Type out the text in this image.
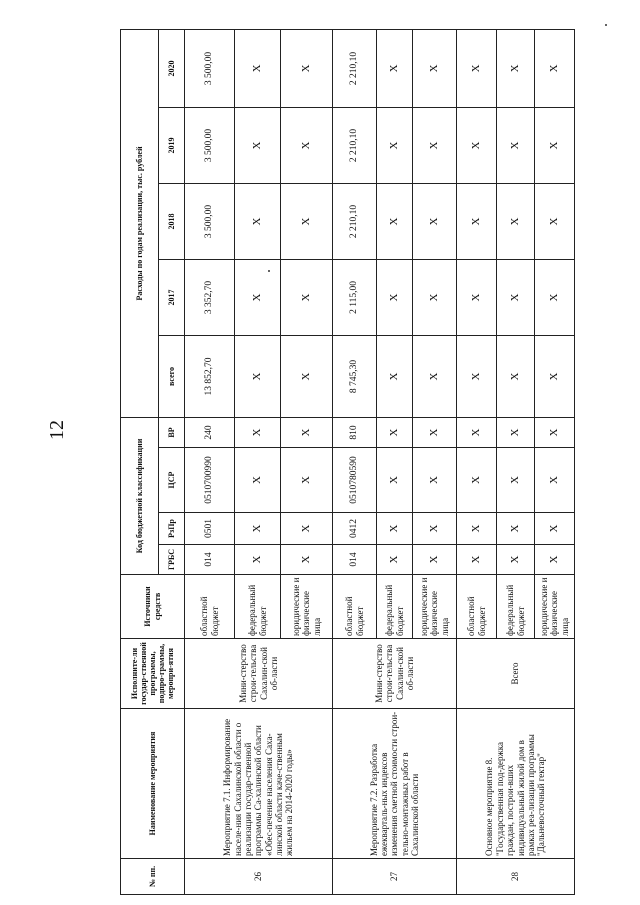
12
№ пп.	Наименование мероприятия	Исполните-ли государ-ственной программы, подпро-граммы, меропри-ятия	Источники средств	Код бюджетной классификации				Расходы по годам реализации, тыс. рублей				
				ГРБС	РзПр	ЦСР	ВР	всего	2017	2018	2019	2020
26	Мероприятие 7.1. Информирование населе-ния Сахалинской области о реализации государ-ственной программы Са-халинской области «Обес-печение населения Саха-линской области каче-ственным жильем на 2014-2020 годы»	Мини-стерство строи-тельства Сахалин-ской об-ласти	областной бюджет	014	0501	0510700990	240	13 852,70	3 352,70	3 500,00	3 500,00	3 500,00
			федеральный бюджет	X	X	X	X	X	X	X	X	X
			юридические и физические лица	X	X	X	X	X	X	X	X	X
27	Мероприятие 7.2. Разработка ежекварталь-ных индексов изменения сметной стоимости строи-тельно-монтажных работ в Сахалинской области	Мини-стерство строи-тельства Сахалин-ской об-ласти	областной бюджет	014	0412	0510780590	810	8 745,30	2 115,00	2 210,10	2 210,10	2 210,10
			федеральный бюджет	X	X	X	X	X	X	X	X	X
			юридические и физические лица	X	X	X	X	X	X	X	X	X
28	Основное мероприятие 8. "Государственная под-держка граждан, построи-вших индивидуальный жилой дом в рамках реа-лизации программы "Дальневосточный гектар"	Всего	областной бюджет	X	X	X	X	X	X	X	X	X
			федеральный бюджет	X	X	X	X	X	X	X	X	X
			юридические и физические лица	X	X	X	X	X	X	X	X	X
